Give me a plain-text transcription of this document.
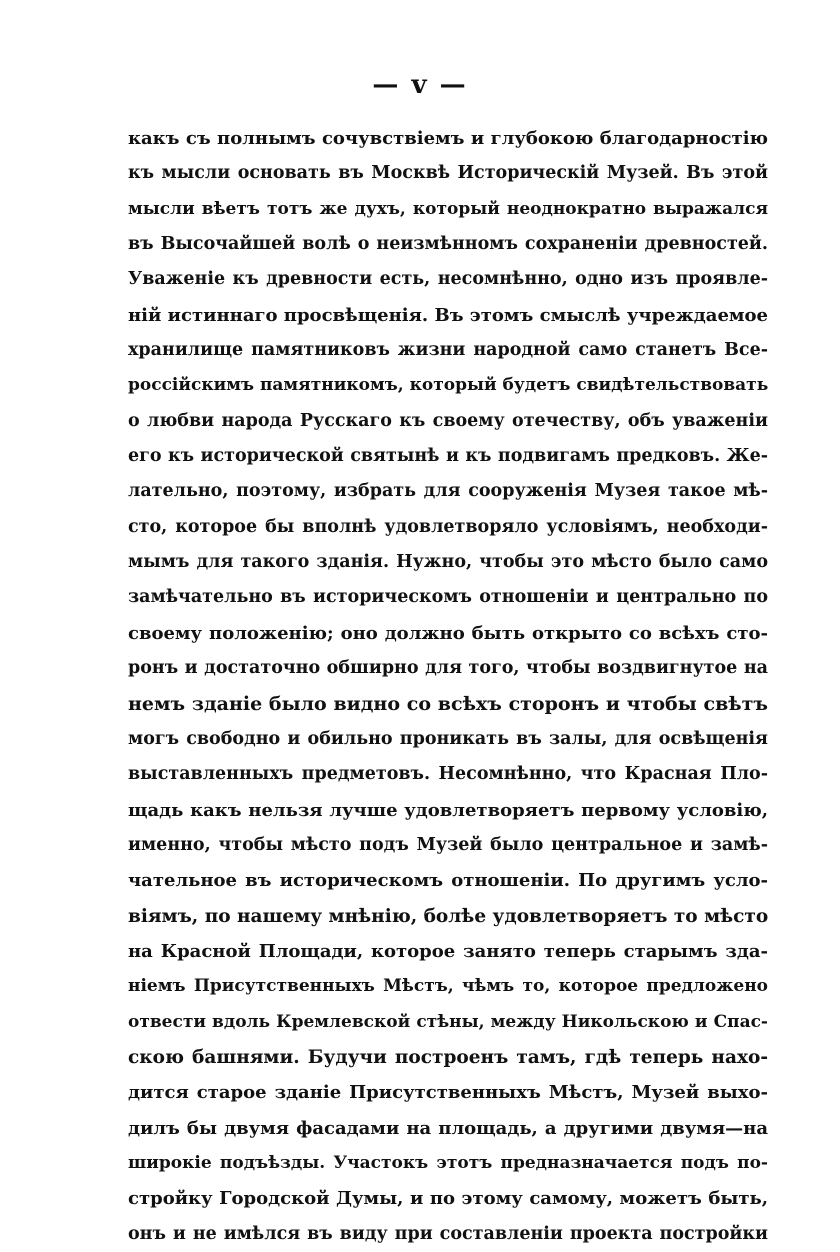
— v —
какъ съ полнымъ сочувствіемъ и глубокою благодарностію
къ мысли основать въ Москвѣ Историческій Музей. Въ этой
мысли вѣетъ тотъ же духъ, который неоднократно выражался
въ Высочайшей волѣ о неизмѣнномъ сохраненіи древностей.
Уваженіе къ древности есть, несомнѣнно, одно изъ проявле-
ній истиннаго просвѣщенія. Въ этомъ смыслѣ учреждаемое
хранилище памятниковъ жизни народной само станетъ Все-
россійскимъ памятникомъ, который будетъ свидѣтельствовать
о любви народа Русскаго къ своему отечеству, объ уваженіи
его къ исторической святынѣ и къ подвигамъ предковъ. Же-
лательно, поэтому, избрать для сооруженія Музея такое мѣ-
сто, которое бы вполнѣ удовлетворяло условіямъ, необходи-
мымъ для такого зданія. Нужно, чтобы это мѣсто было само
замѣчательно въ историческомъ отношеніи и центрально по
своему положенію; оно должно быть открыто со всѣхъ сто-
ронъ и достаточно обширно для того, чтобы воздвигнутое на
немъ зданіе было видно со всѣхъ сторонъ и чтобы свѣтъ
могъ свободно и обильно проникать въ залы, для освѣщенія
выставленныхъ предметовъ. Несомнѣнно, что Красная Пло-
щадь какъ нельзя лучше удовлетворяетъ первому условію,
именно, чтобы мѣсто подъ Музей было центральное и замѣ-
чательное въ историческомъ отношеніи. По другимъ усло-
віямъ, по нашему мнѣнію, болѣе удовлетворяетъ то мѣсто
на Красной Площади, которое занято теперь старымъ зда-
ніемъ Присутственныхъ Мѣстъ, чѣмъ то, которое предложено
отвести вдоль Кремлевской стѣны, между Никольскою и Спас-
скою башнями. Будучи построенъ тамъ, гдѣ теперь нахо-
дится старое зданіе Присутственныхъ Мѣстъ, Музей выхо-
дилъ бы двумя фасадами на площадь, а другими двумя—на
широкіе подъѣзды. Участокъ этотъ предназначается подъ по-
стройку Городской Думы, и по этому самому, можетъ быть,
онъ и не имѣлся въ виду при составленіи проекта постройки
